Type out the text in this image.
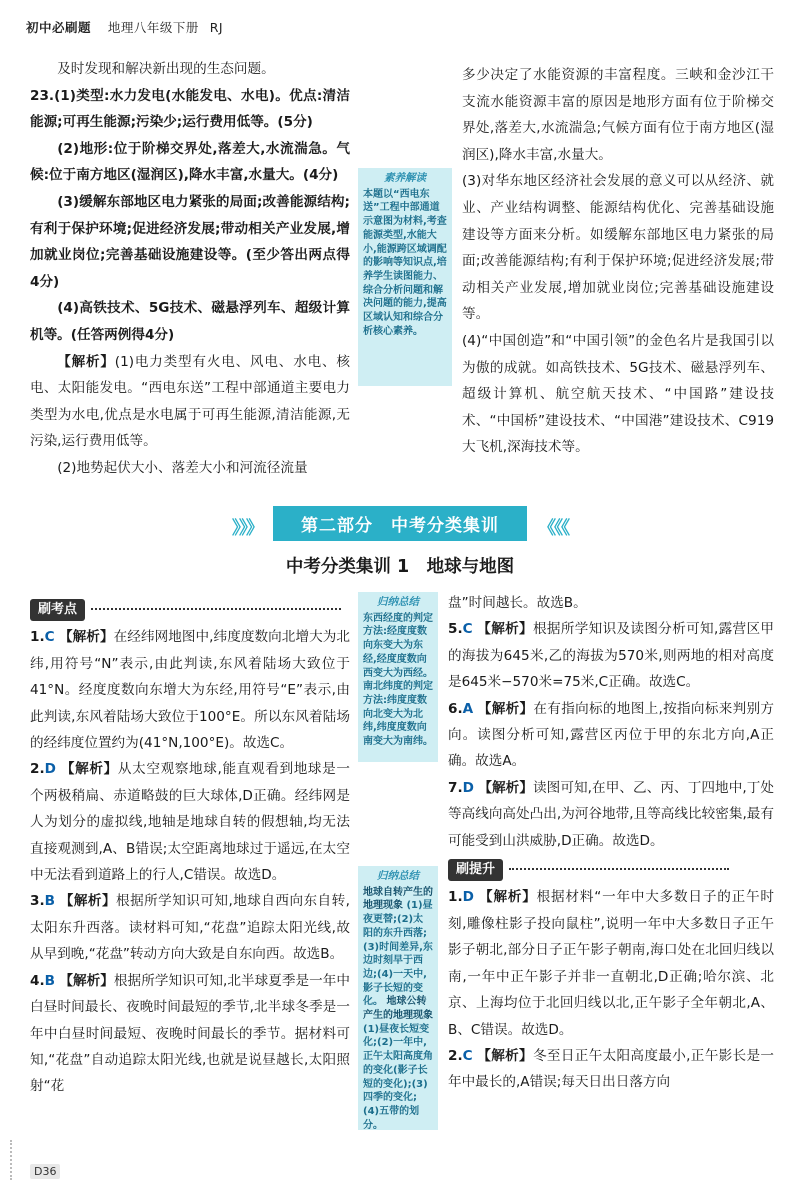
初中必刷题 地理八年级下册 RJ

及时发现和解决新出现的生态问题。

23.(1)类型:水力发电(水能发电、水电)。优点:清洁能源;可再生能源;污染少;运行费用低等。(5分)

(2)地形:位于阶梯交界处,落差大,水流湍急。气候:位于南方地区(湿润区),降水丰富,水量大。(4分)

(3)缓解东部地区电力紧张的局面;改善能源结构;有利于保护环境;促进经济发展;带动相关产业发展,增加就业岗位;完善基础设施建设等。(至少答出两点得4分)

(4)高铁技术、5G技术、磁悬浮列车、超级计算机等。(任答两例得4分)

【解析】(1)电力类型有火电、风电、水电、核电、太阳能发电。“西电东送”工程中部通道主要电力类型为水电,优点是水电属于可再生能源,清洁能源,无污染,运行费用低等。

(2)地势起伏大小、落差大小和河流径流量

素养解读
本题以“西电东送”工程中部通道示意图为材料,考查能源类型,水能大小,能源跨区域调配的影响等知识点,培养学生读图能力、综合分析问题和解决问题的能力,提高区域认知和综合分析核心素养。

多少决定了水能资源的丰富程度。三峡和金沙江干支流水能资源丰富的原因是地形方面有位于阶梯交界处,落差大,水流湍急;气候方面有位于南方地区(湿润区),降水丰富,水量大。

(3)对华东地区经济社会发展的意义可以从经济、就业、产业结构调整、能源结构优化、完善基础设施建设等方面来分析。如缓解东部地区电力紧张的局面;改善能源结构;有利于保护环境;促进经济发展;带动相关产业发展,增加就业岗位;完善基础设施建设等。

(4)“中国创造”和“中国引领”的金色名片是我国引以为傲的成就。如高铁技术、5G技术、磁悬浮列车、超级计算机、航空航天技术、“中国路”建设技术、“中国桥”建设技术、“中国港”建设技术、C919大飞机,深海技术等。

》》》 第二部分　中考分类集训 《《《
中考分类集训 1　地球与地图

刷考点

1.C 【解析】在经纬网地图中,纬度度数向北增大为北纬,用符号“N”表示,由此判读,东风着陆场大致位于41°N。经度度数向东增大为东经,用符号“E”表示,由此判读,东风着陆场大致位于100°E。所以东风着陆场的经纬度位置约为(41°N,100°E)。故选C。

2.D 【解析】从太空观察地球,能直观看到地球是一个两极稍扁、赤道略鼓的巨大球体,D正确。经纬网是人为划分的虚拟线,地轴是地球自转的假想轴,均无法直接观测到,A、B错误;太空距离地球过于遥远,在太空中无法看到道路上的行人,C错误。故选D。

3.B 【解析】根据所学知识可知,地球自西向东自转,太阳东升西落。读材料可知,“花盘”追踪太阳光线,故从早到晚,“花盘”转动方向大致是自东向西。故选B。

4.B 【解析】根据所学知识可知,北半球夏季是一年中白昼时间最长、夜晚时间最短的季节,北半球冬季是一年中白昼时间最短、夜晚时间最长的季节。据材料可知,“花盘”自动追踪太阳光线,也就是说昼越长,太阳照射“花

归纳总结
东西经度的判定方法:经度度数向东变大为东经,经度度数向西变大为西经。南北纬度的判定方法:纬度度数向北变大为北纬,纬度度数向南变大为南纬。
归纳总结
地球自转产生的地理现象 (1)昼夜更替;(2)太阳的东升西落;(3)时间差异,东边时刻早于西边;(4)一天中,影子长短的变化。 地球公转产生的地理现象 (1)昼夜长短变化;(2)一年中,正午太阳高度角的变化(影子长短的变化);(3)四季的变化;(4)五带的划分。

盘”时间越长。故选B。

5.C 【解析】根据所学知识及读图分析可知,露营区甲的海拔为645米,乙的海拔为570米,则两地的相对高度是645米−570米=75米,C正确。故选C。

6.A 【解析】在有指向标的地图上,按指向标来判别方向。读图分析可知,露营区丙位于甲的东北方向,A正确。故选A。

7.D 【解析】读图可知,在甲、乙、丙、丁四地中,丁处等高线向高处凸出,为河谷地带,且等高线比较密集,最有可能受到山洪威胁,D正确。故选D。

刷提升

1.D 【解析】根据材料“一年中大多数日子的正午时刻,雕像柱影子投向鼠柱”,说明一年中大多数日子正午影子朝北,部分日子正午影子朝南,海口处在北回归线以南,一年中正午影子并非一直朝北,D正确;哈尔滨、北京、上海均位于北回归线以北,正午影子全年朝北,A、B、C错误。故选D。

2.C 【解析】冬至日正午太阳高度最小,正午影长是一年中最长的,A错误;每天日出日落方向

D36
